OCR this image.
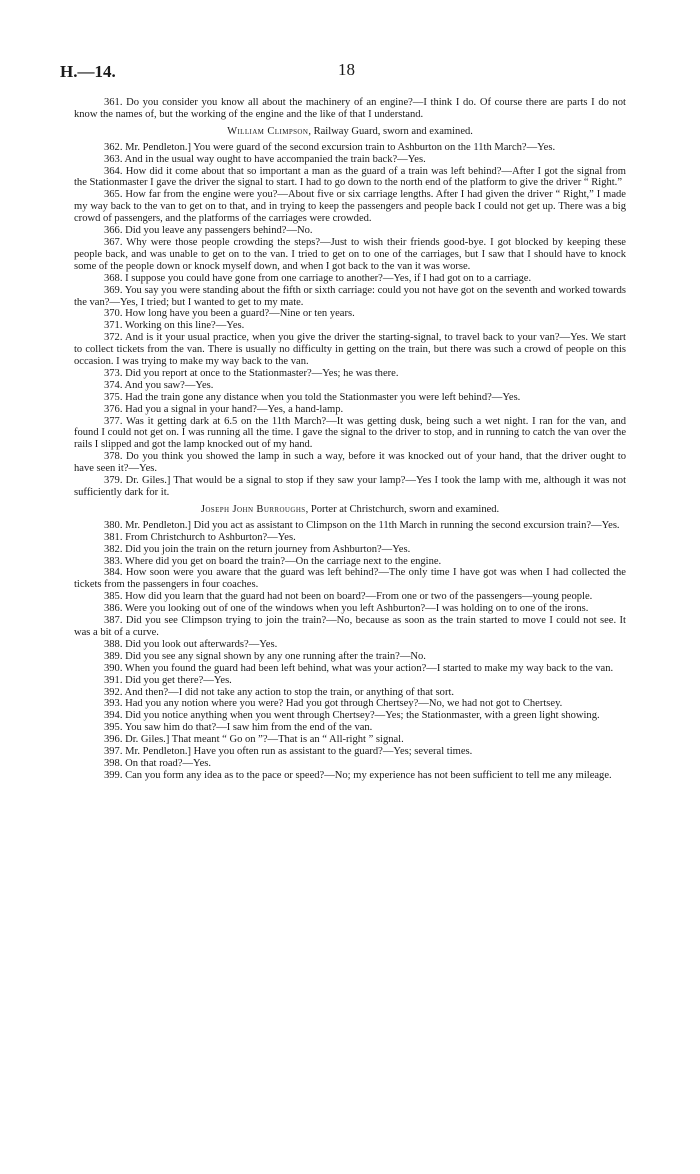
H.—14.	18

361. Do you consider you know all about the machinery of an engine?—I think I do. Of course there are parts I do not know the names of, but the working of the engine and the like of that I understand.

William Climpson, Railway Guard, sworn and examined.

362. Mr. Pendleton.] You were guard of the second excursion train to Ashburton on the 11th March?—Yes.

363. And in the usual way ought to have accompanied the train back?—Yes.

364. How did it come about that so important a man as the guard of a train was left behind?—After I got the signal from the Stationmaster I gave the driver the signal to start. I had to go down to the north end of the platform to give the driver “ Right.”

365. How far from the engine were you?—About five or six carriage lengths. After I had given the driver “ Right,” I made my way back to the van to get on to that, and in trying to keep the passengers and people back I could not get up. There was a big crowd of passengers, and the platforms of the carriages were crowded.

366. Did you leave any passengers behind?—No.

367. Why were those people crowding the steps?—Just to wish their friends good-bye. I got blocked by keeping these people back, and was unable to get on to the van. I tried to get on to one of the carriages, but I saw that I should have to knock some of the people down or knock myself down, and when I got back to the van it was worse.

368. I suppose you could have gone from one carriage to another?—Yes, if I had got on to a carriage.

369. You say you were standing about the fifth or sixth carriage: could you not have got on the seventh and worked towards the van?—Yes, I tried; but I wanted to get to my mate.

370. How long have you been a guard?—Nine or ten years.

371. Working on this line?—Yes.

372. And is it your usual practice, when you give the driver the starting-signal, to travel back to your van?—Yes. We start to collect tickets from the van. There is usually no difficulty in getting on the train, but there was such a crowd of people on this occasion. I was trying to make my way back to the van.

373. Did you report at once to the Stationmaster?—Yes; he was there.

374. And you saw?—Yes.

375. Had the train gone any distance when you told the Stationmaster you were left behind?—Yes.

376. Had you a signal in your hand?—Yes, a hand-lamp.

377. Was it getting dark at 6.5 on the 11th March?—It was getting dusk, being such a wet night. I ran for the van, and found I could not get on. I was running all the time. I gave the signal to the driver to stop, and in running to catch the van over the rails I slipped and got the lamp knocked out of my hand.

378. Do you think you showed the lamp in such a way, before it was knocked out of your hand, that the driver ought to have seen it?—Yes.

379. Dr. Giles.] That would be a signal to stop if they saw your lamp?—Yes I took the lamp with me, although it was not sufficiently dark for it.

Joseph John Burroughs, Porter at Christchurch, sworn and examined.

380. Mr. Pendleton.] Did you act as assistant to Climpson on the 11th March in running the second excursion train?—Yes.

381. From Christchurch to Ashburton?—Yes.

382. Did you join the train on the return journey from Ashburton?—Yes.

383. Where did you get on board the train?—On the carriage next to the engine.

384. How soon were you aware that the guard was left behind?—The only time I have got was when I had collected the tickets from the passengers in four coaches.

385. How did you learn that the guard had not been on board?—From one or two of the passengers—young people.

386. Were you looking out of one of the windows when you left Ashburton?—I was holding on to one of the irons.

387. Did you see Climpson trying to join the train?—No, because as soon as the train started to move I could not see. It was a bit of a curve.

388. Did you look out afterwards?—Yes.

389. Did you see any signal shown by any one running after the train?—No.

390. When you found the guard had been left behind, what was your action?—I started to make my way back to the van.

391. Did you get there?—Yes.

392. And then?—I did not take any action to stop the train, or anything of that sort.

393. Had you any notion where you were? Had you got through Chertsey?—No, we had not got to Chertsey.

394. Did you notice anything when you went through Chertsey?—Yes; the Stationmaster, with a green light showing.

395. You saw him do that?—I saw him from the end of the van.

396. Dr. Giles.] That meant “ Go on ”?—That is an “ All-right ” signal.

397. Mr. Pendleton.] Have you often run as assistant to the guard?—Yes; several times.

398. On that road?—Yes.

399. Can you form any idea as to the pace or speed?—No; my experience has not been sufficient to tell me any mileage.
